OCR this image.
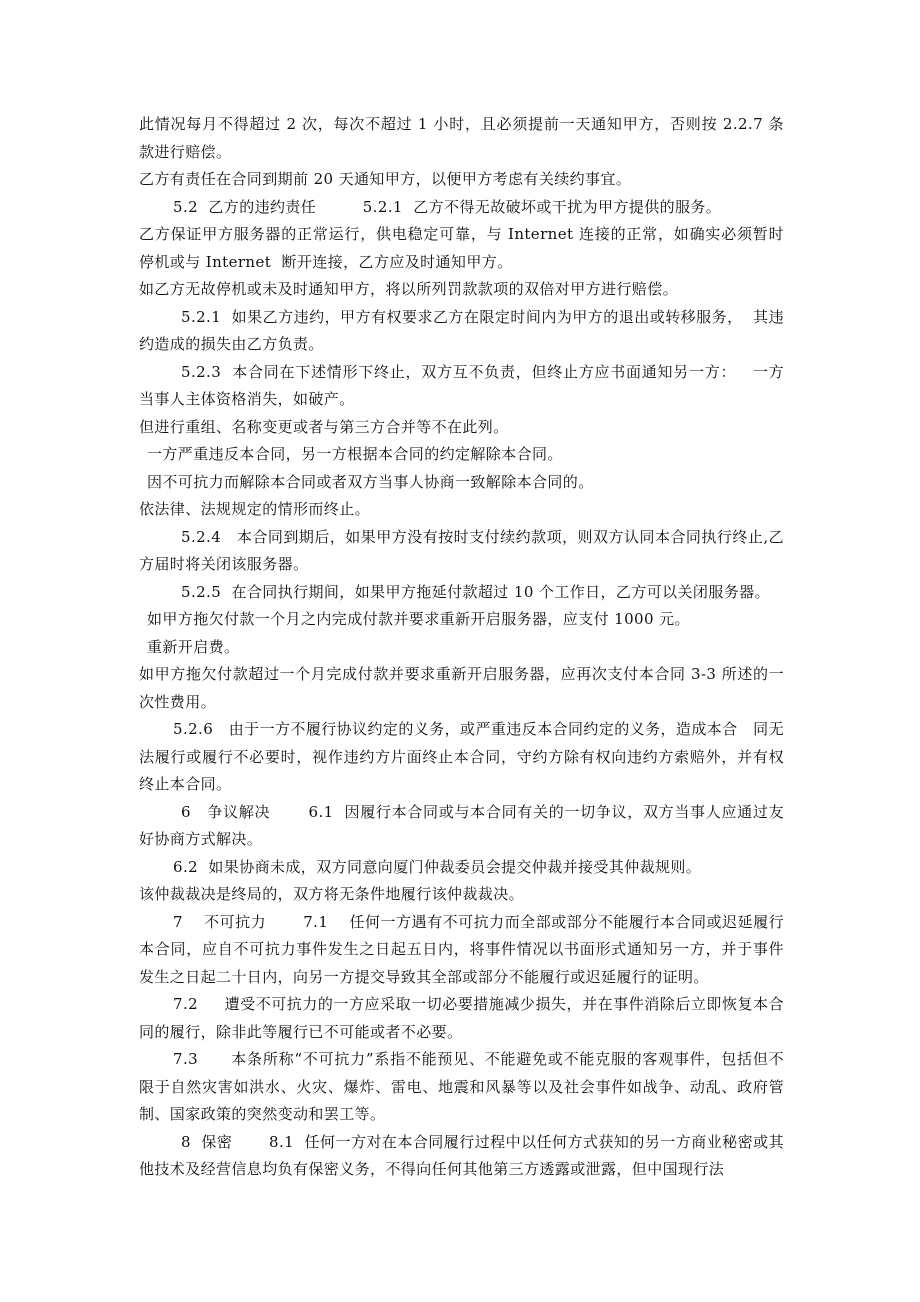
此情况每月不得超过 2 次，每次不超过 1 小时，且必须提前一天通知甲方，否则按 2.2.7 条款进行赔偿。

乙方有责任在合同到期前 20 天通知甲方，以便甲方考虑有关续约事宜。

5.2  乙方的违约责任         5.2.1  乙方不得无故破坏或干扰为甲方提供的服务。

乙方保证甲方服务器的正常运行，供电稳定可靠，与 Internet 连接的正常，如确实必须暂时停机或与 Internet  断开连接，乙方应及时通知甲方。

如乙方无故停机或未及时通知甲方，将以所列罚款款项的双倍对甲方进行赔偿。

5.2.1  如果乙方违约，甲方有权要求乙方在限定时间内为甲方的退出或转移服务，  其违约造成的损失由乙方负责。

5.2.3  本合同在下述情形下终止，双方互不负责，但终止方应书面通知另一方：   一方当事人主体资格消失，如破产。

但进行重组、名称变更或者与第三方合并等不在此列。

一方严重违反本合同，另一方根据本合同的约定解除本合同。

因不可抗力而解除本合同或者双方当事人协商一致解除本合同的。

依法律、法规规定的情形而终止。

5.2.4   本合同到期后，如果甲方没有按时支付续约款项，则双方认同本合同执行终止,乙方届时将关闭该服务器。

5.2.5  在合同执行期间，如果甲方拖延付款超过 10 个工作日，乙方可以关闭服务器。

如甲方拖欠付款一个月之内完成付款并要求重新开启服务器，应支付 1000 元。

重新开启费。

如甲方拖欠付款超过一个月完成付款并要求重新开启服务器，应再次支付本合同 3-3 所述的一次性费用。

5.2.6   由于一方不履行协议约定的义务，或严重违反本合同约定的义务，造成本合   同无法履行或履行不必要时，视作违约方片面终止本合同，守约方除有权向违约方索赔外，并有权终止本合同。

6   争议解决       6.1  因履行本合同或与本合同有关的一切争议，双方当事人应通过友好协商方式解决。

6.2  如果协商未成，双方同意向厦门仲裁委员会提交仲裁并接受其仲裁规则。

该仲裁裁决是终局的，双方将无条件地履行该仲裁裁决。

7    不可抗力       7.1    任何一方遇有不可抗力而全部或部分不能履行本合同或迟延履行本合同，应自不可抗力事件发生之日起五日内，将事件情况以书面形式通知另一方，并于事件发生之日起二十日内，向另一方提交导致其全部或部分不能履行或迟延履行的证明。

7.2     遭受不可抗力的一方应采取一切必要措施减少损失，并在事件消除后立即恢复本合同的履行，除非此等履行已不可能或者不必要。

7.3      本条所称“不可抗力”系指不能预见、不能避免或不能克服的客观事件，包括但不限于自然灾害如洪水、火灾、爆炸、雷电、地震和风暴等以及社会事件如战争、动乱、政府管制、国家政策的突然变动和罢工等。

8  保密       8.1  任何一方对在本合同履行过程中以任何方式获知的另一方商业秘密或其他技术及经营信息均负有保密义务，不得向任何其他第三方透露或泄露，但中国现行法
